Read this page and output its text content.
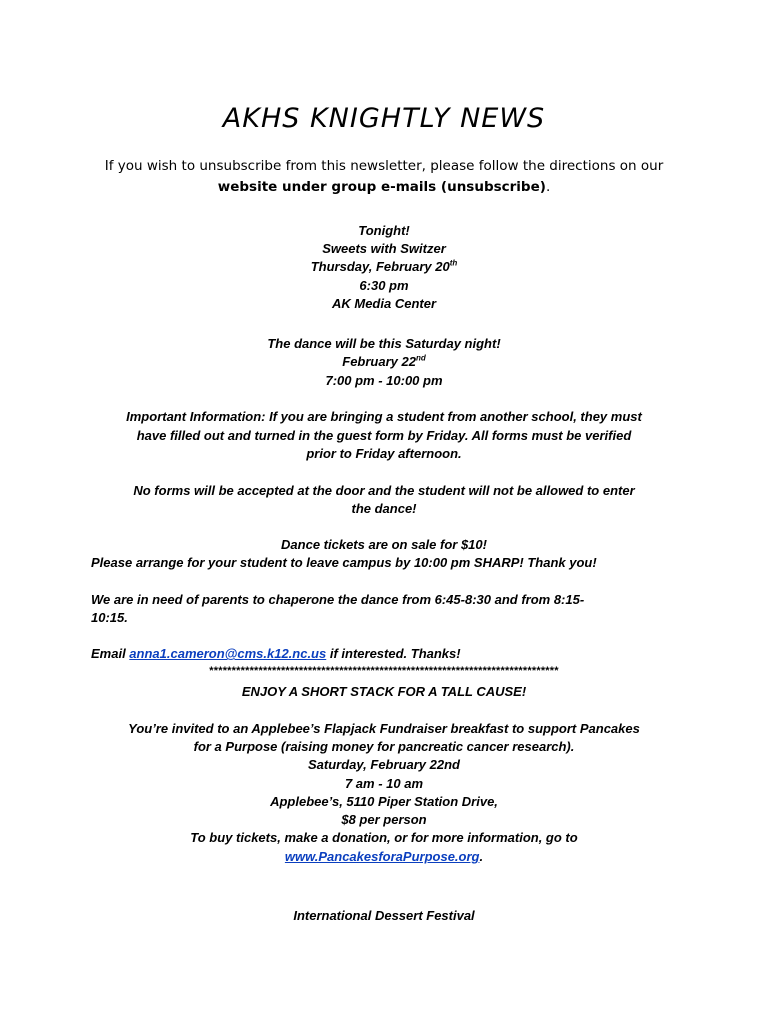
AKHS KNIGHTLY NEWS
If you wish to unsubscribe from this newsletter, please follow the directions on our
website under group e-mails (unsubscribe).
Tonight!
Sweets with Switzer
Thursday, February 20th
6:30 pm
AK Media Center
The dance will be this Saturday night!
February 22nd
7:00 pm - 10:00 pm
Important Information: If you are bringing a student from another school, they must
have filled out and turned in the guest form by Friday. All forms must be verified
prior to Friday afternoon.
No forms will be accepted at the door and the student will not be allowed to enter
the dance!
Dance tickets are on sale for $10!
Please arrange for your student to leave campus by 10:00 pm SHARP! Thank you!
We are in need of parents to chaperone the dance from 6:45-8:30 and from 8:15-
10:15.
Email anna1.cameron@cms.k12.nc.us if interested. Thanks!
******************************************************************************
ENJOY A SHORT STACK FOR A TALL CAUSE!
You’re invited to an Applebee’s Flapjack Fundraiser breakfast to support Pancakes
for a Purpose (raising money for pancreatic cancer research).
Saturday, February 22nd
7 am - 10 am
Applebee’s, 5110 Piper Station Drive,
$8 per person
To buy tickets, make a donation, or for more information, go to
www.PancakesforaPurpose.org.
International Dessert Festival
